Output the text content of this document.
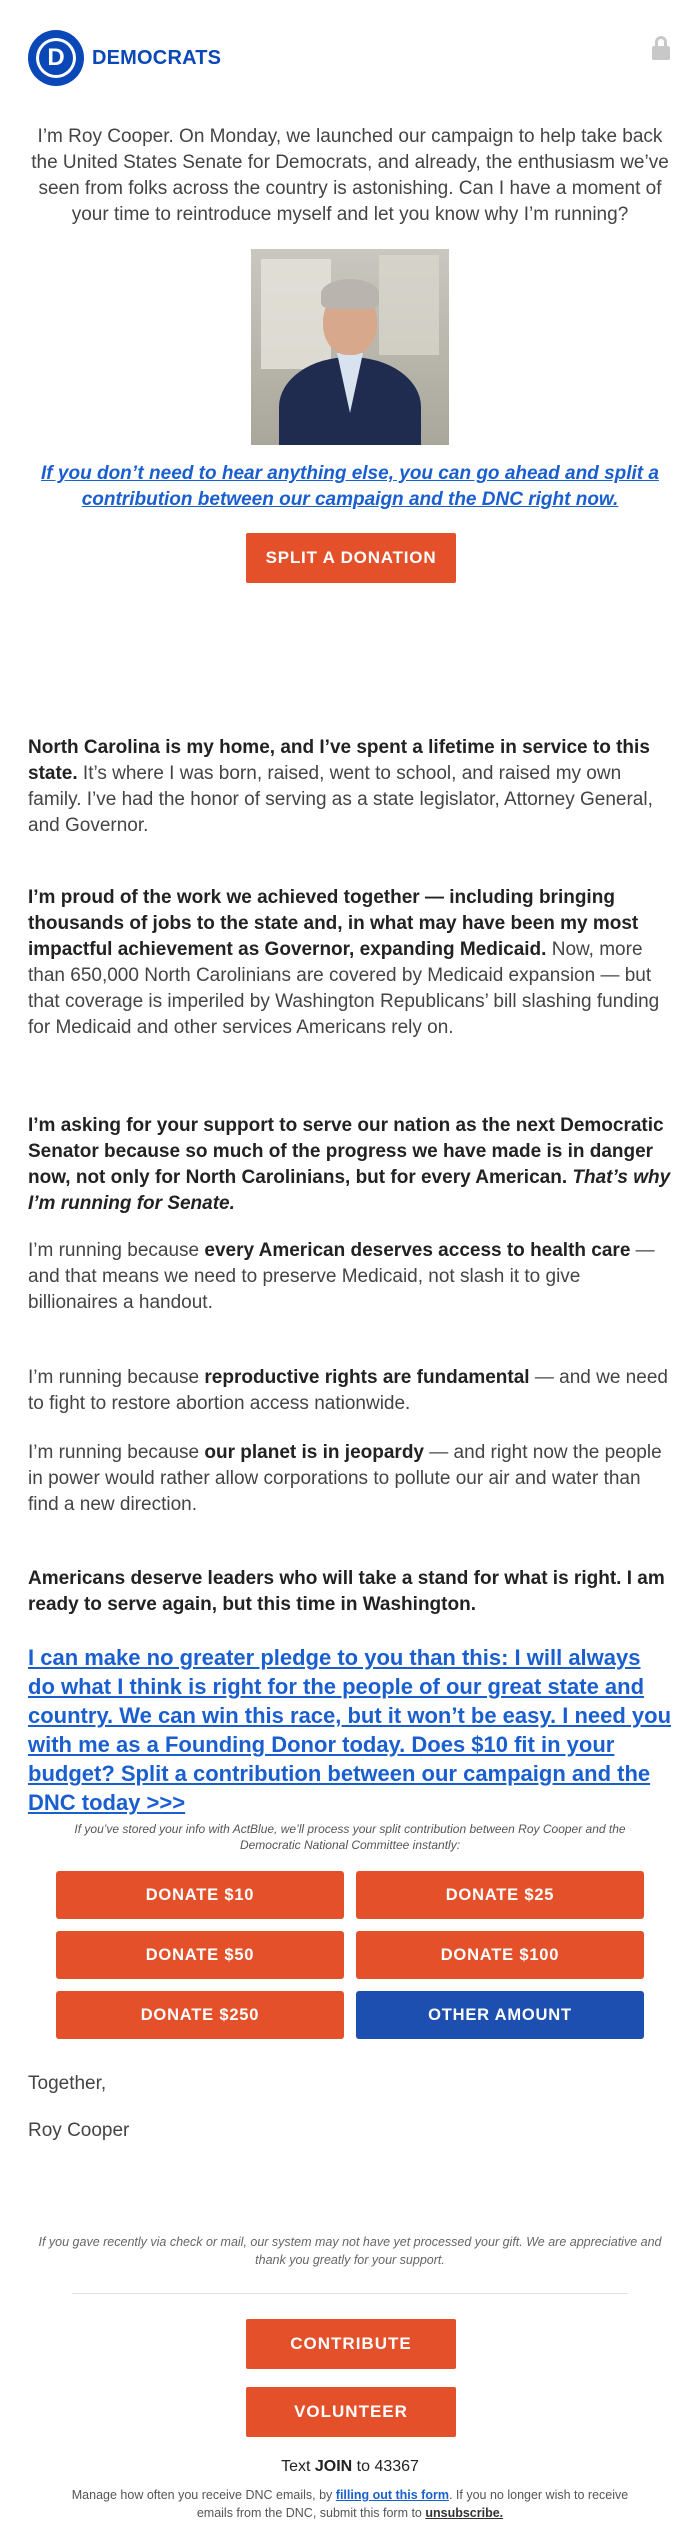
D	DEMOCRATS

I’m Roy Cooper. On Monday, we launched our campaign to help take back the United States Senate for Democrats, and already, the enthusiasm we’ve seen from folks across the country is astonishing. Can I have a moment of your time to reintroduce myself and let you know why I’m running?

If you don’t need to hear anything else, you can go ahead and split a contribution between our campaign and the DNC right now.
SPLIT A DONATION

North Carolina is my home, and I’ve spent a lifetime in service to this state. It’s where I was born, raised, went to school, and raised my own family. I’ve had the honor of serving as a state legislator, Attorney General, and Governor.

I’m proud of the work we achieved together — including bringing thousands of jobs to the state and, in what may have been my most impactful achievement as Governor, expanding Medicaid. Now, more than 650,000 North Carolinians are covered by Medicaid expansion — but that coverage is imperiled by Washington Republicans’ bill slashing funding for Medicaid and other services Americans rely on.

I’m asking for your support to serve our nation as the next Democratic Senator because so much of the progress we have made is in danger now, not only for North Carolinians, but for every American. That’s why I’m running for Senate.

I’m running because every American deserves access to health care — and that means we need to preserve Medicaid, not slash it to give billionaires a handout.

I’m running because reproductive rights are fundamental — and we need to fight to restore abortion access nationwide.

I’m running because our planet is in jeopardy — and right now the people in power would rather allow corporations to pollute our air and water than find a new direction.

Americans deserve leaders who will take a stand for what is right. I am ready to serve again, but this time in Washington.

I can make no greater pledge to you than this: I will always do what I think is right for the people of our great state and country. We can win this race, but it won’t be easy. I need you with me as a Founding Donor today. Does $10 fit in your budget? Split a contribution between our campaign and the DNC today >>>

If you’ve stored your info with ActBlue, we’ll process your split contribution between Roy Cooper and the Democratic National Committee instantly:

DONATE $10	DONATE $25
DONATE $50	DONATE $100
DONATE $250	OTHER AMOUNT

Together,

Roy Cooper

If you gave recently via check or mail, our system may not have yet processed your gift. We are appreciative and thank you greatly for your support.

CONTRIBUTE
VOLUNTEER

Text JOIN to 43367

Manage how often you receive DNC emails, by filling out this form. If you no longer wish to receive emails from the DNC, submit this form to unsubscribe.
